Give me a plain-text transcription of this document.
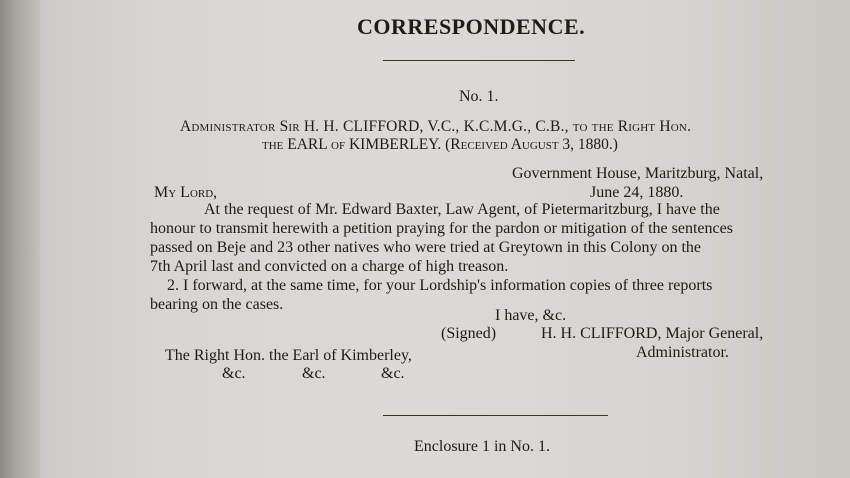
CORRESPONDENCE.
No. 1.
Administrator Sir H. H. CLIFFORD, V.C., K.C.M.G., C.B., to the Right Hon.
the EARL of KIMBERLEY. (Received August 3, 1880.)
Government House, Maritzburg, Natal,
June 24, 1880.
My Lord,
At the request of Mr. Edward Baxter, Law Agent, of Pietermaritzburg, I have the
honour to transmit herewith a petition praying for the pardon or mitigation of the sentences
passed on Beje and 23 other natives who were tried at Greytown in this Colony on the
7th April last and convicted on a charge of high treason.
2. I forward, at the same time, for your Lordship's information copies of three reports
bearing on the cases.
I have, &c.
(Signed)	H. H. CLIFFORD, Major General,
Administrator.
The Right Hon. the Earl of Kimberley,
&c.	&c.	&c.
Enclosure 1 in No. 1.
